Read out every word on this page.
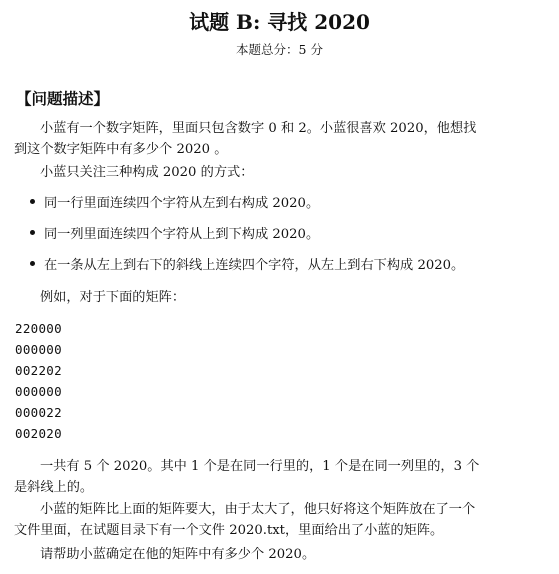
试题 B: 寻找 2020
本题总分：5 分
【问题描述】

小蓝有一个数字矩阵，里面只包含数字 0 和 2。小蓝很喜欢 2020，他想找到这个数字矩阵中有多少个 2020 。

小蓝只关注三种构成 2020 的方式：

同一行里面连续四个字符从左到右构成 2020。
同一列里面连续四个字符从上到下构成 2020。
在一条从左上到右下的斜线上连续四个字符，从左上到右下构成 2020。

例如，对于下面的矩阵：

220000
000000
002202
000000
000022
002020

一共有 5 个 2020。其中 1 个是在同一行里的，1 个是在同一列里的，3 个是斜线上的。

小蓝的矩阵比上面的矩阵要大，由于太大了，他只好将这个矩阵放在了一个文件里面，在试题目录下有一个文件 2020.txt，里面给出了小蓝的矩阵。

请帮助小蓝确定在他的矩阵中有多少个 2020。
